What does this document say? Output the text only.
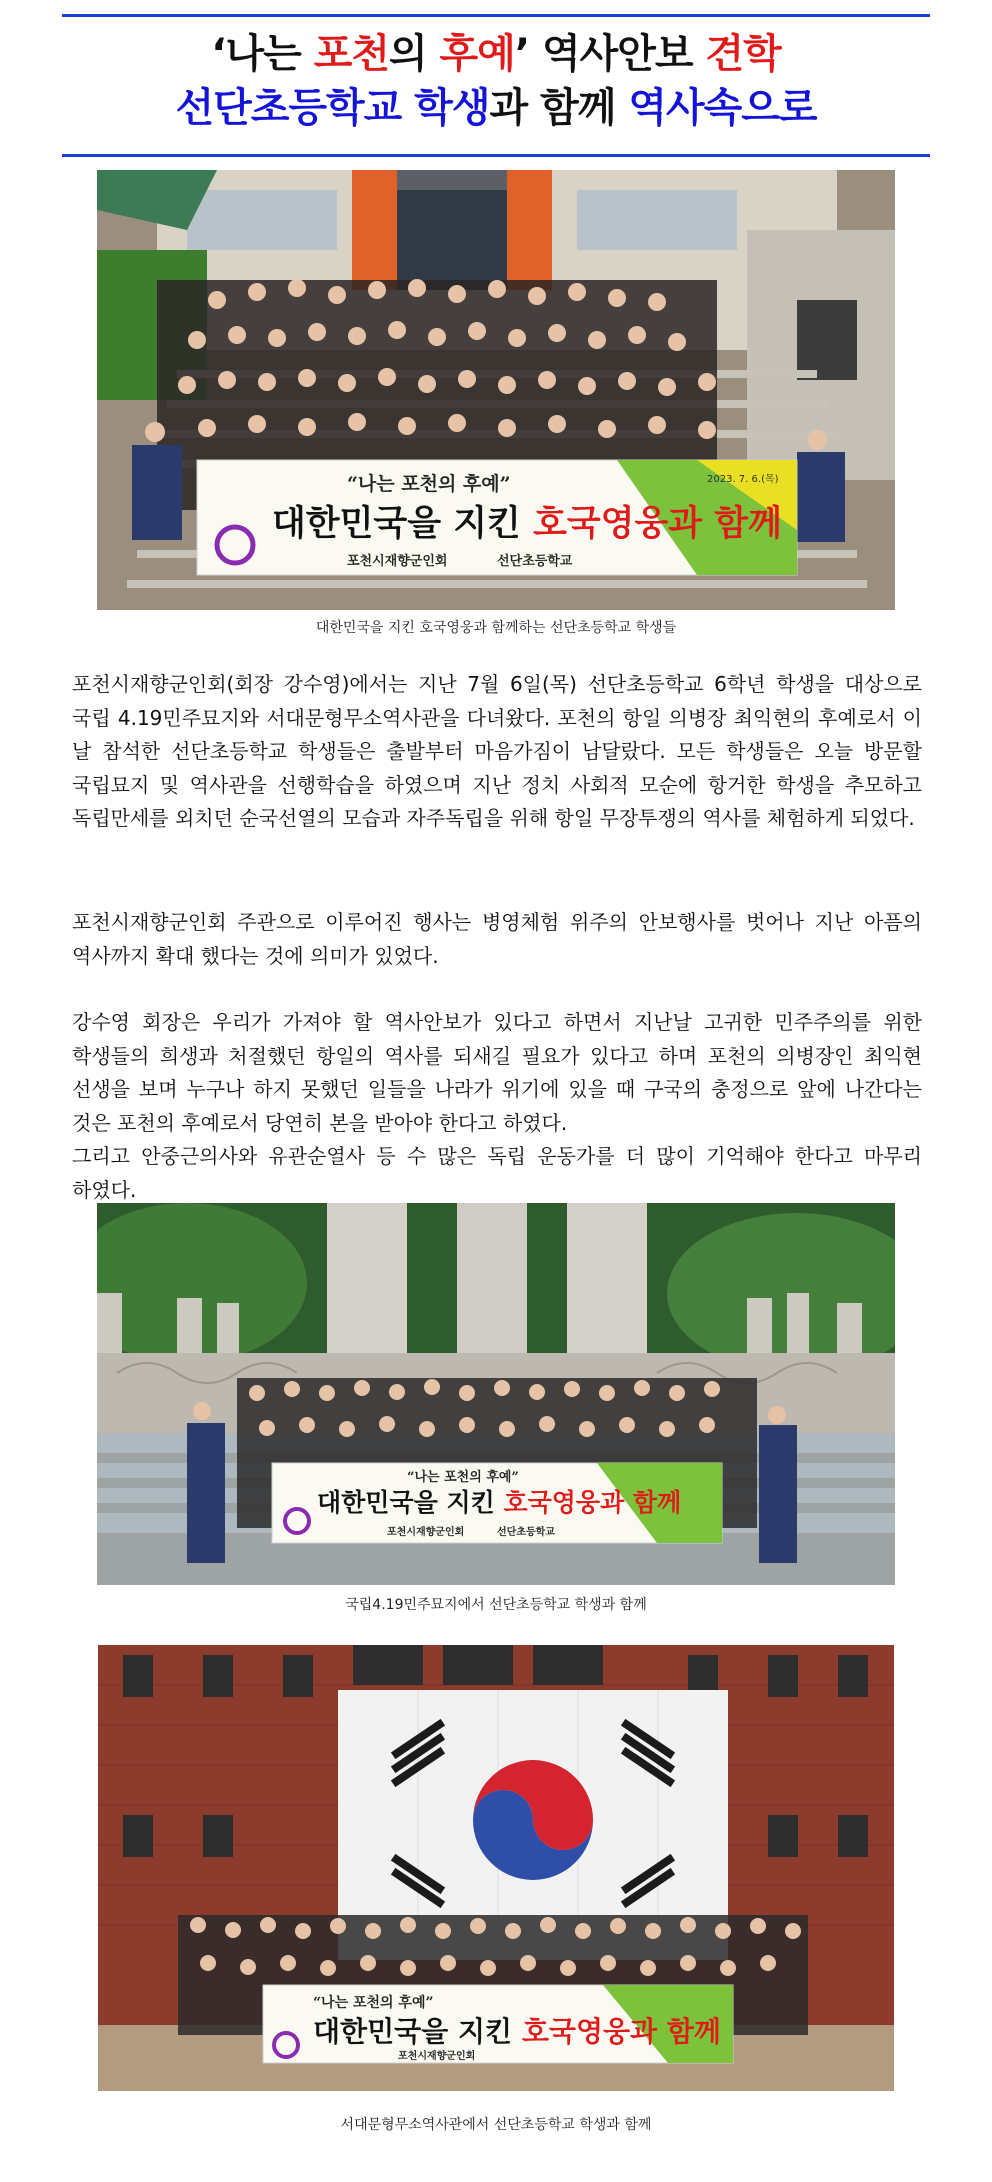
‘나는 포천의 후예’ 역사안보 견학
선단초등학교 학생과 함께 역사속으로
“나는 포천의 후예”
대한민국을 지킨 호국영웅과 함께
포천시재향군인회	선단초등학교
2023. 7. 6.(목)
대한민국을 지킨 호국영웅과 함께하는 선단초등학교 학생들

포천시재향군인회(회장 강수영)에서는 지난 7월 6일(목) 선단초등학교 6학년 학생을 대상으로 국립 4.19민주묘지와 서대문형무소역사관을 다녀왔다. 포천의 항일 의병장 최익현의 후예로서 이 날 참석한 선단초등학교 학생들은 출발부터 마음가짐이 남달랐다. 모든 학생들은 오늘 방문할 국립묘지 및 역사관을 선행학습을 하였으며 지난 정치 사회적 모순에 항거한 학생을 추모하고 독립만세를 외치던 순국선열의 모습과 자주독립을 위해 항일 무장투쟁의 역사를 체험하게 되었다.

포천시재향군인회 주관으로 이루어진 행사는 병영체험 위주의 안보행사를 벗어나 지난 아픔의 역사까지 확대 했다는 것에 의미가 있었다.

강수영 회장은 우리가 가져야 할 역사안보가 있다고 하면서 지난날 고귀한 민주주의를 위한 학생들의 희생과 처절했던 항일의 역사를 되새길 필요가 있다고 하며 포천의 의병장인 최익현 선생을 보며 누구나 하지 못했던 일들을 나라가 위기에 있을 때 구국의 충정으로 앞에 나간다는 것은 포천의 후예로서 당연히 본을 받아야 한다고 하였다.

그리고 안중근의사와 유관순열사 등 수 많은 독립 운동가를 더 많이 기억해야 한다고 마무리 하였다.

“나는 포천의 후예”
대한민국을 지킨 호국영웅과 함께
포천시재향군인회	선단초등학교
국립4.19민주묘지에서 선단초등학교 학생과 함께
“나는 포천의 후예”
대한민국을 지킨 호국영웅과 함께
포천시재향군인회
서대문형무소역사관에서 선단초등학교 학생과 함께
